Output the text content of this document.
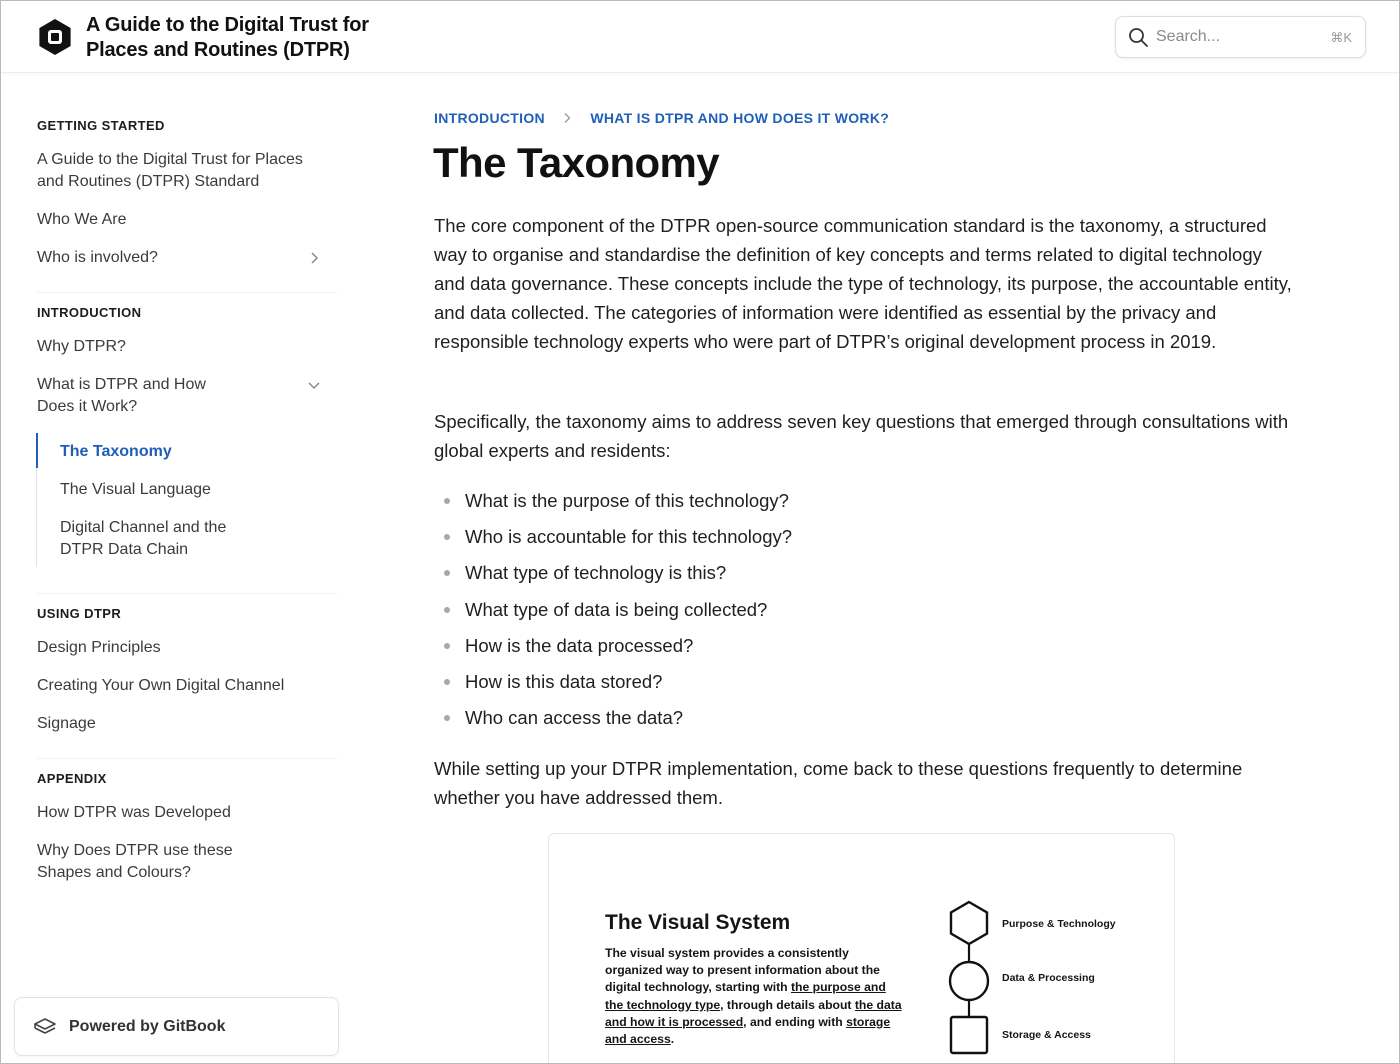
A Guide to the Digital Trust for Places and Routines (DTPR)
Search...	⌘K
GETTING STARTED
A Guide to the Digital Trust for Places and Routines (DTPR) Standard
Who We Are
Who is involved?
INTRODUCTION
Why DTPR?
What is DTPR and How Does it Work?
The Taxonomy
The Visual Language
Digital Channel and the DTPR Data Chain
USING DTPR
Design Principles
Creating Your Own Digital Channel
Signage
APPENDIX
How DTPR was Developed
Why Does DTPR use these Shapes and Colours?
Powered by GitBook
INTRODUCTION	WHAT IS DTPR AND HOW DOES IT WORK?
The Taxonomy

The core component of the DTPR open-source communication standard is the taxonomy, a structured way to organise and standardise the definition of key concepts and terms related to digital technology and data governance. These concepts include the type of technology, its purpose, the accountable entity, and data collected. The categories of information were identified as essential by the privacy and responsible technology experts who were part of DTPR’s original development process in 2019.

Specifically, the taxonomy aims to address seven key questions that emerged through consultations with global experts and residents:

What is the purpose of this technology?
Who is accountable for this technology?
What type of technology is this?
What type of data is being collected?
How is the data processed?
How is this data stored?
Who can access the data?

While setting up your DTPR implementation, come back to these questions frequently to determine whether you have addressed them.

The Visual System
The visual system provides a consistently organized way to present information about the digital technology, starting with the purpose and the technology type, through details about the data and how it is processed, and ending with storage and access.
Purpose & Technology
Data & Processing
Storage & Access
